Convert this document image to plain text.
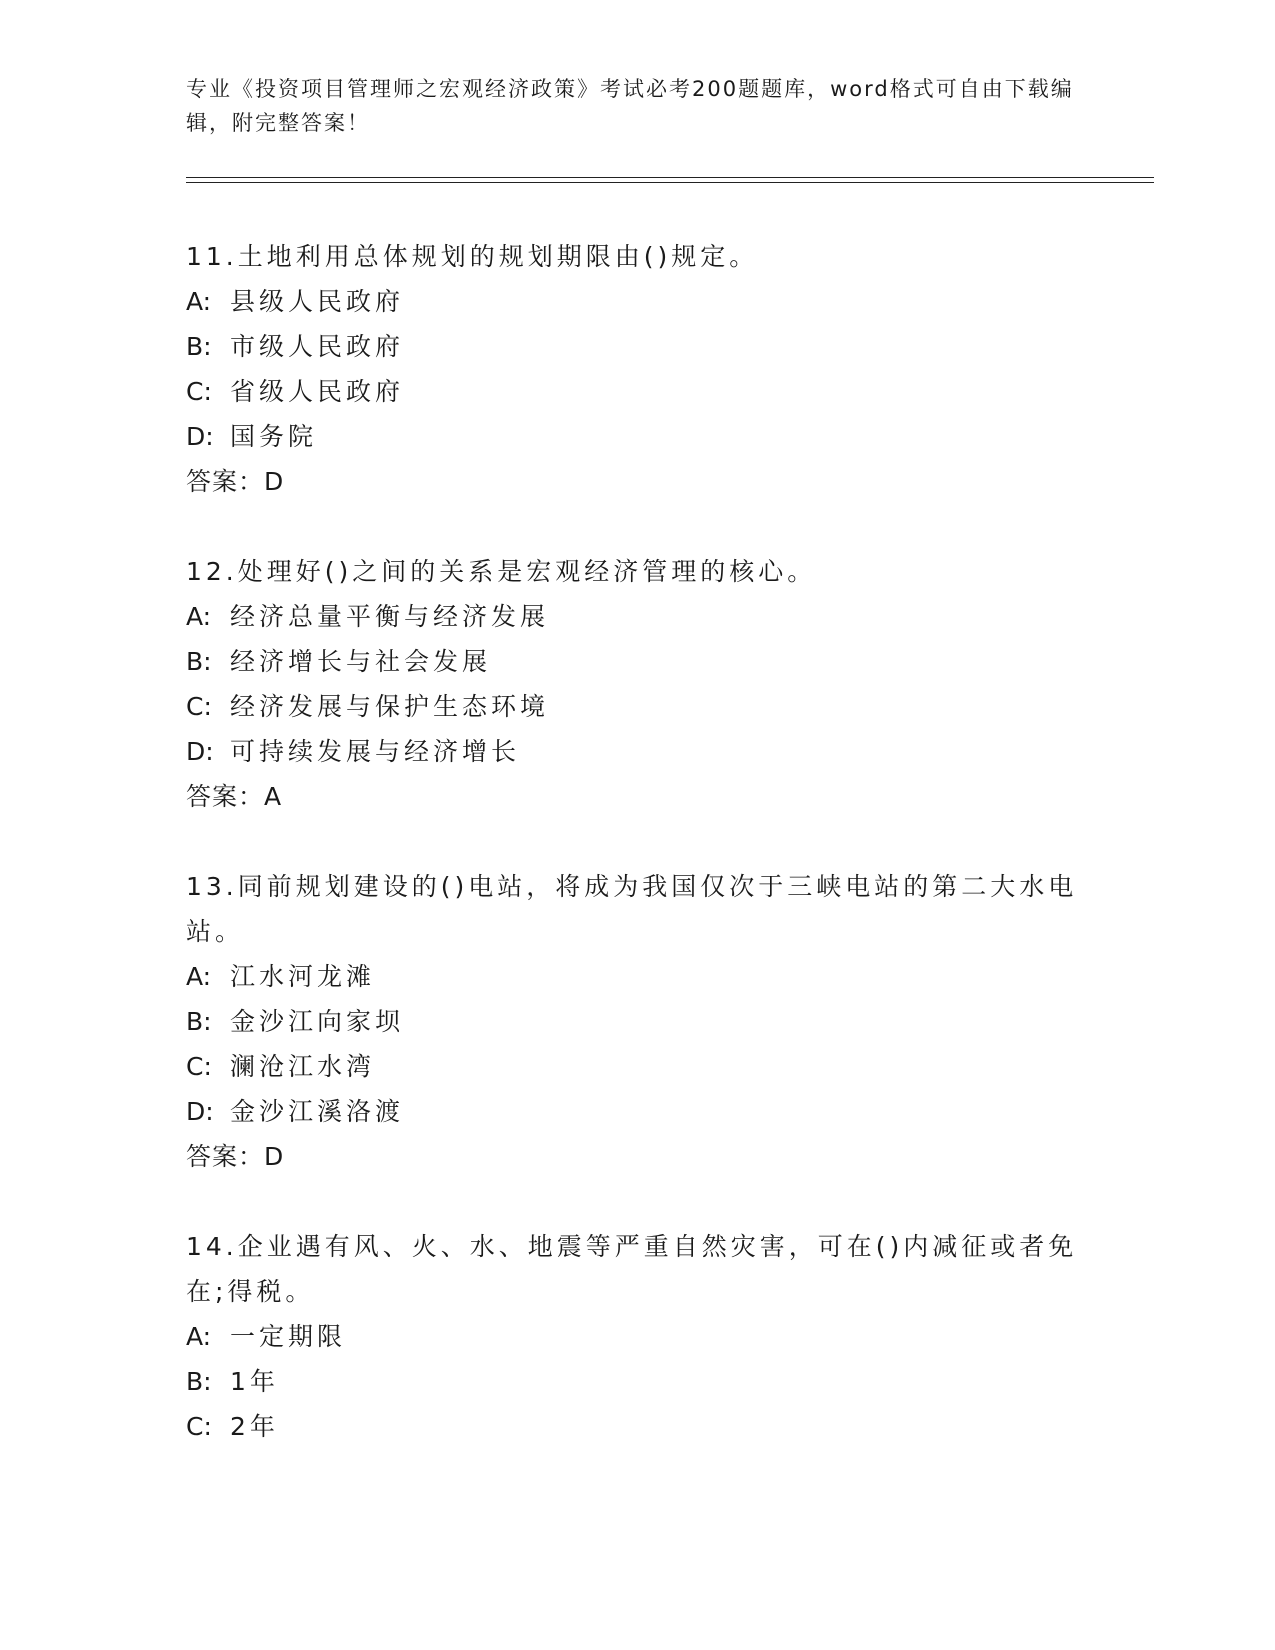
专业《投资项目管理师之宏观经济政策》考试必考200题题库，word格式可自由下载编辑，附完整答案！
11.土地利用总体规划的规划期限由()规定。
A: 县级人民政府
B: 市级人民政府
C: 省级人民政府
D: 国务院
答案：D
12.处理好()之间的关系是宏观经济管理的核心。
A: 经济总量平衡与经济发展
B: 经济增长与社会发展
C: 经济发展与保护生态环境
D: 可持续发展与经济增长
答案：A
13.同前规划建设的()电站，将成为我国仅次于三峡电站的第二大水电站。
A: 江水河龙滩
B: 金沙江向家坝
C: 澜沧江水湾
D: 金沙江溪洛渡
答案：D
14.企业遇有风、火、水、地震等严重自然灾害，可在()内减征或者免在;得税。
A: 一定期限
B: 1年
C: 2年
